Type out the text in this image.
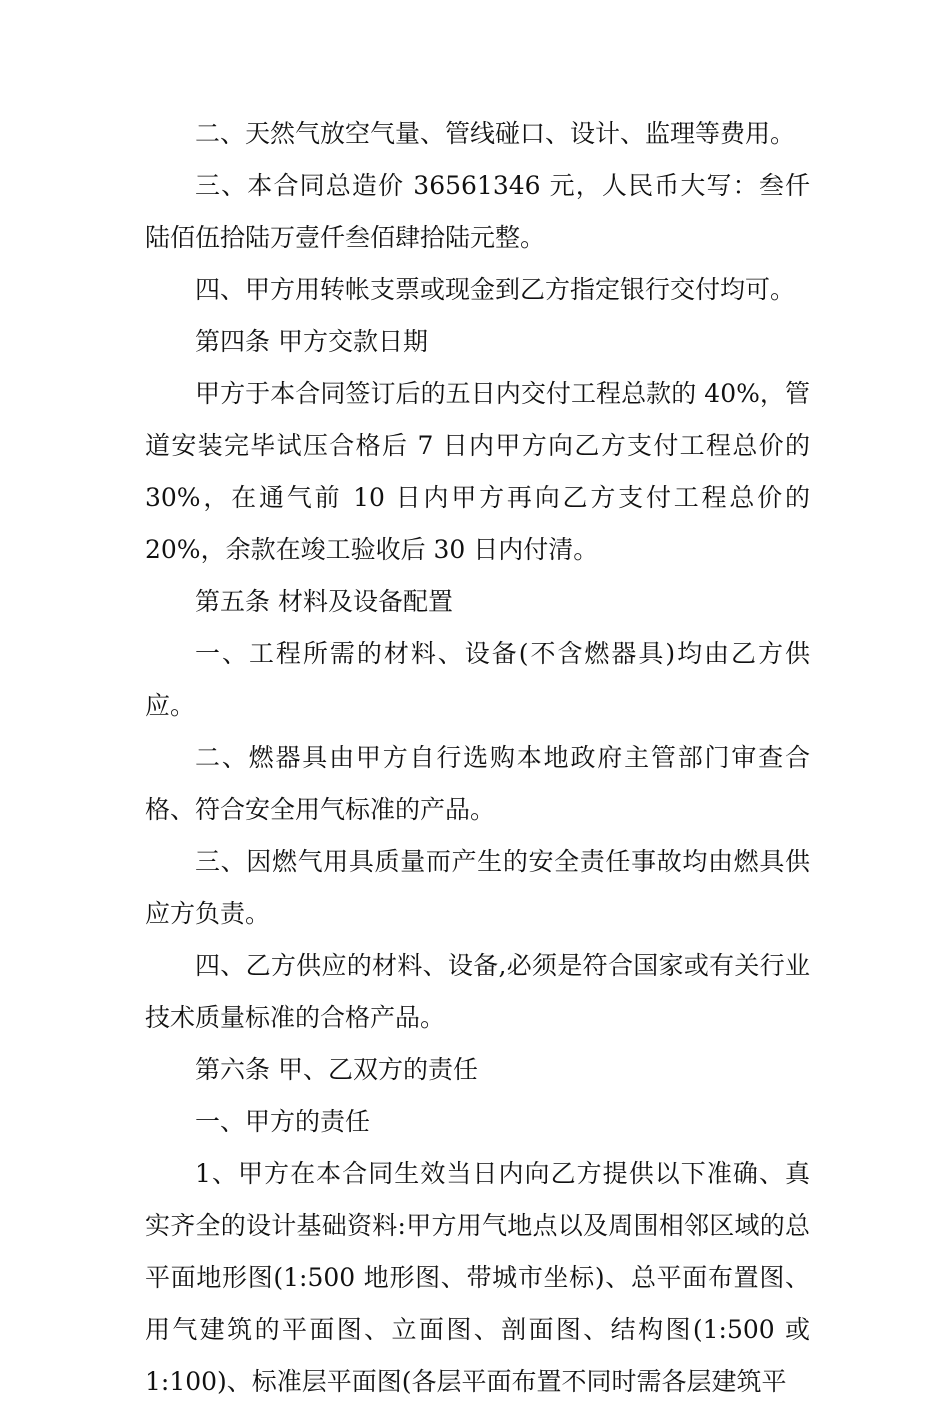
二、天然气放空气量、管线碰口、设计、监理等费用。

三、本合同总造价 36561346 元，人民币大写：叁仟陆佰伍拾陆万壹仟叁佰肆拾陆元整。

四、甲方用转帐支票或现金到乙方指定银行交付均可。

第四条 甲方交款日期

甲方于本合同签订后的五日内交付工程总款的 40%，管道安装完毕试压合格后 7 日内甲方向乙方支付工程总价的 30%，在通气前 10 日内甲方再向乙方支付工程总价的 20%，余款在竣工验收后 30 日内付清。

第五条 材料及设备配置

一、工程所需的材料、设备(不含燃器具)均由乙方供应。

二、燃器具由甲方自行选购本地政府主管部门审查合格、符合安全用气标准的产品。

三、因燃气用具质量而产生的安全责任事故均由燃具供应方负责。

四、乙方供应的材料、设备,必须是符合国家或有关行业技术质量标准的合格产品。

第六条 甲、乙双方的责任

一、甲方的责任

1、甲方在本合同生效当日内向乙方提供以下准确、真实齐全的设计基础资料:甲方用气地点以及周围相邻区域的总平面地形图(1:500 地形图、带城市坐标)、总平面布置图、用气建筑的平面图、立面图、剖面图、结构图(1:500 或 1:100)、标准层平面图(各层平面布置不同时需各层建筑平
